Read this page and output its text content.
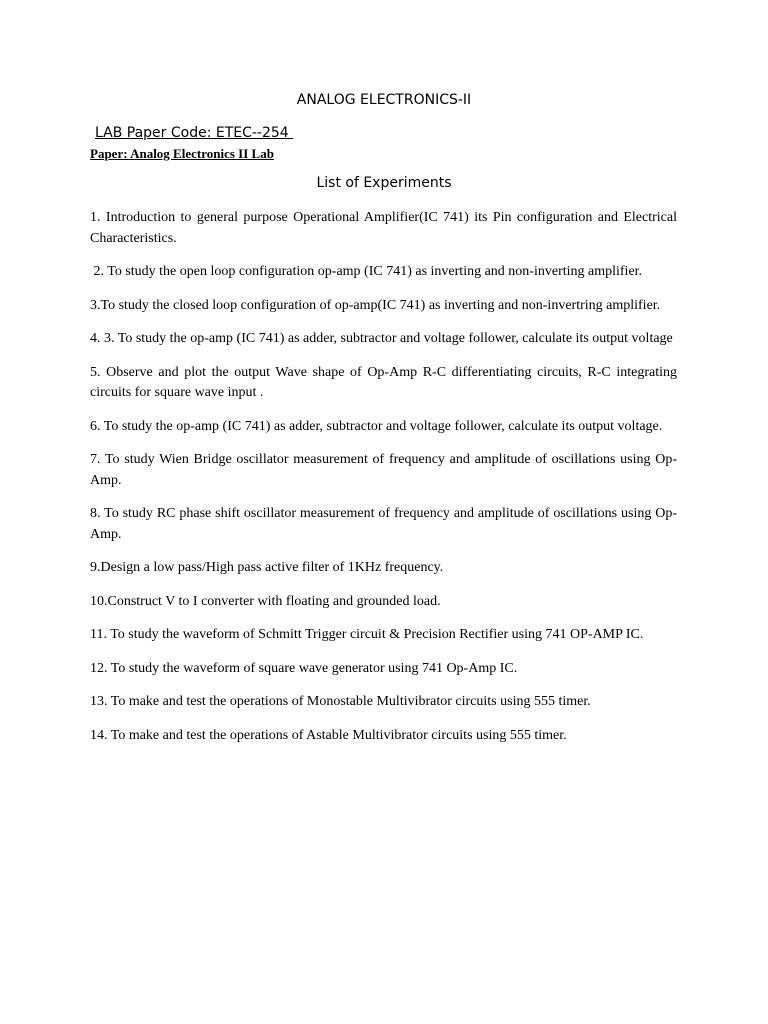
ANALOG ELECTRONICS-II
LAB Paper Code: ETEC--254
Paper: Analog Electronics II Lab
List of Experiments
1. Introduction to general purpose Operational Amplifier(IC 741) its Pin configuration and Electrical Characteristics.
2. To study the open loop configuration op-amp (IC 741) as inverting and non-inverting amplifier.
3.To study the closed loop configuration of op-amp(IC 741) as inverting and non-invertring amplifier.
4. 3. To study the op-amp (IC 741) as adder, subtractor and voltage follower, calculate its output voltage
5. Observe and plot the output Wave shape of Op-Amp R-C differentiating circuits, R-C integrating circuits for square wave input .
6. To study the op-amp (IC 741) as adder, subtractor and voltage follower, calculate its output voltage.
7. To study Wien Bridge oscillator measurement of frequency and amplitude of oscillations using Op-Amp.
8. To study RC phase shift oscillator measurement of frequency and amplitude of oscillations using Op-Amp.
9.Design a low pass/High pass active filter of 1KHz frequency.
10.Construct V to I converter with floating and grounded load.
11. To study the waveform of Schmitt Trigger circuit & Precision Rectifier using 741 OP-AMP IC.
12. To study the waveform of square wave generator using 741 Op-Amp IC.
13. To make and test the operations of Monostable Multivibrator circuits using 555 timer.
14. To make and test the operations of Astable Multivibrator circuits using 555 timer.
